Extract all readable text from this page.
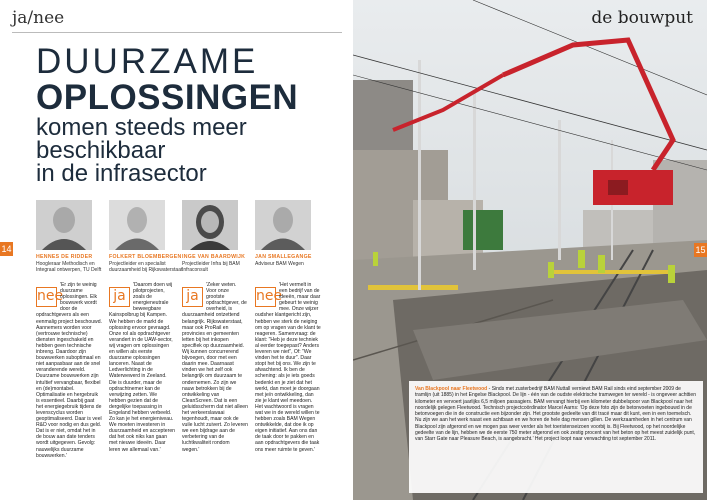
ja/nee
DUURZAME
OPLOSSINGEN
komen steeds meer
beschikbaar
in de infrasector
14
HENNES DE RIDDER
Hoogleraar Methodisch en Integraal ontwerpen, TU Delft
FOLKERT BLOEMBERGEN
Projectleider en specialist duurzaamheid bij Rijkswaterstaat
INGE VAN BAARDWIJK
Projectleider Infra bij BAM Infraconsult
JAN SMALLEGANGE
Adviseur BAM Wegen
nee	ja	ja	nee
'Er zijn te weinig duurzame oplossingen. Elk bouwwerk wordt door de opdrachtgevers als een eenmalig project beschouwd. Aannemers worden voor (vertrouwe technische) diensten ingeschakeld en hebben geen technische inbreng. Daardoor zijn bouwwerken suboptimaal en niet aanpasbaar aan de snel veranderende wereld. Duurzame bouwwerken zijn intuïtief vervangbaar, flexibel en (de)montabel. Optimalisatie en hergebruik is essentieel. Daarbij gaat het energiegebruik tijdens de levenscyclus worden geoptimaliseerd. Daar is veel R&D voor nodig en dus geld. Dat is er niet, omdat het in de bouw aan date tenders wordt uitgegeven. Gevolg: nauwelijks duurzame bouwwerken.'
'Daarom doen wij pilotprojecten, zoals de energieneutrale beweegbare Kainspolbrug bij Kampen. We hebben de markt de oplossing ervoor gevraagd. Onze rol als opdrachtgever verandert in de UAW-sector, wij vragen om oplossingen en willen als eerste duurzame oplossingen lanceren. Naast de Ledverlichting in de Waterwewerd in Zeeland. Die is duurder, maar de opdrachtnemer kan de verwijzing zetten. We hebben gezien dat de dergelijke toepassing in Engeland hebben verbeeld. Zo kan je het energieniveau. We moeten investeren in duurzaamheid en accepteren dat het ook niks kan gaan met nieuwe ideeën. Daar leren we allemaal van.'
'Zeker weten. Voor onze grootste opdrachtgever, de overheid, is duurzaamheid ontzettend belangrijk. Rijkswaterstaat, maar ook ProRail en provincies en gemeenten letten bij het inkopen specifiek op duurzaamheid. Wij kunnen concurrerend bijvoegen, door met een daarin mee. Daarnaast vinden we het zelf ook belangrijk om duurzaam te ondernemen. Zo zijn we nauw betrokken bij de ontwikkeling van CleanScreen. Dat is een geluidsscherm dat niet alleen het verkeerslawaai tegenhoudt, maar ook de vuile lucht zuivert. Zo leveren we een bijdrage aan de verbetering van de luchtkwaliteit rondom wegen.'
'Het vermelt in een bedrijf van de ideeën, maar daar gebeurt te weinig mee. Onze wijzer oudsher klantgericht zijn, hebben we sterk de neiging om op vragen van de klant te reageren. Samenvraag: de klant: "Heb je deze techniek al eerder toegepast? Anders leveren we niet", Of: "We vinden het te duur". Daar stopt het bij ons. We zijn te afwachtend. Ik ben de schening: als je iets goeds bedenkt en je ziet dat het werkt, dan moet je doorgaan met je/n ontwikkeling, dan zie je klant wel meedoen. Het wachtwoord is vragen wat we in de wereld willen te hebben zoals BAM Wegen ontwikkelde, dat doe ik op eigen initiatief. Aan ons dan de taak door te pakken en aan opdrachtgevers die taak ons meer ruimte te geven.'
de bouwput
15

Van Blackpool naar Fleetwood - Sinds met zusterbedrijf BAM Nuttall verniewt BAM Rail sinds eind september 2009 de tramlijn (uit 1885) in het Engelse Blackpool. De lijn - één van de oudste elektrische tramwegen ter wereld - is ongeveer achttien kilometer en vervoert jaarlijks 6,5 miljoen passagiers. BAM vervangt hierbij een kilometer dubbelspoor van Blackpool naar het noordelijk gelegen Fleetwood. Technisch projectcoördinator Marcel Aarns: 'Op deze foto zijn de betonvoeten ingebouwd in de betonvoegen die in de constructie een bijzonder zijn. Het grootste gedeelte van dit tracé maar dit kunt, een in een toemelsch. Nu zijn we aan het werk naast een achtbaan en we horen de hele dag mensen gillen. De werkzaamheden in het centrum van Blackpool zijn afgerond en we mogen pas weer verder als het toeristenseizoen voorbij is. Bij Fleetwood, op het noordelijke gedeelte van de lijn, hebben we de eerste 750 meter afgerond en ook zestig procent van het beton op het meest zuidelijk punt, van Starr Gate naar Pleasure Beach, is aangebracht.' Het project loopt naar verwachting tot september 2011.
